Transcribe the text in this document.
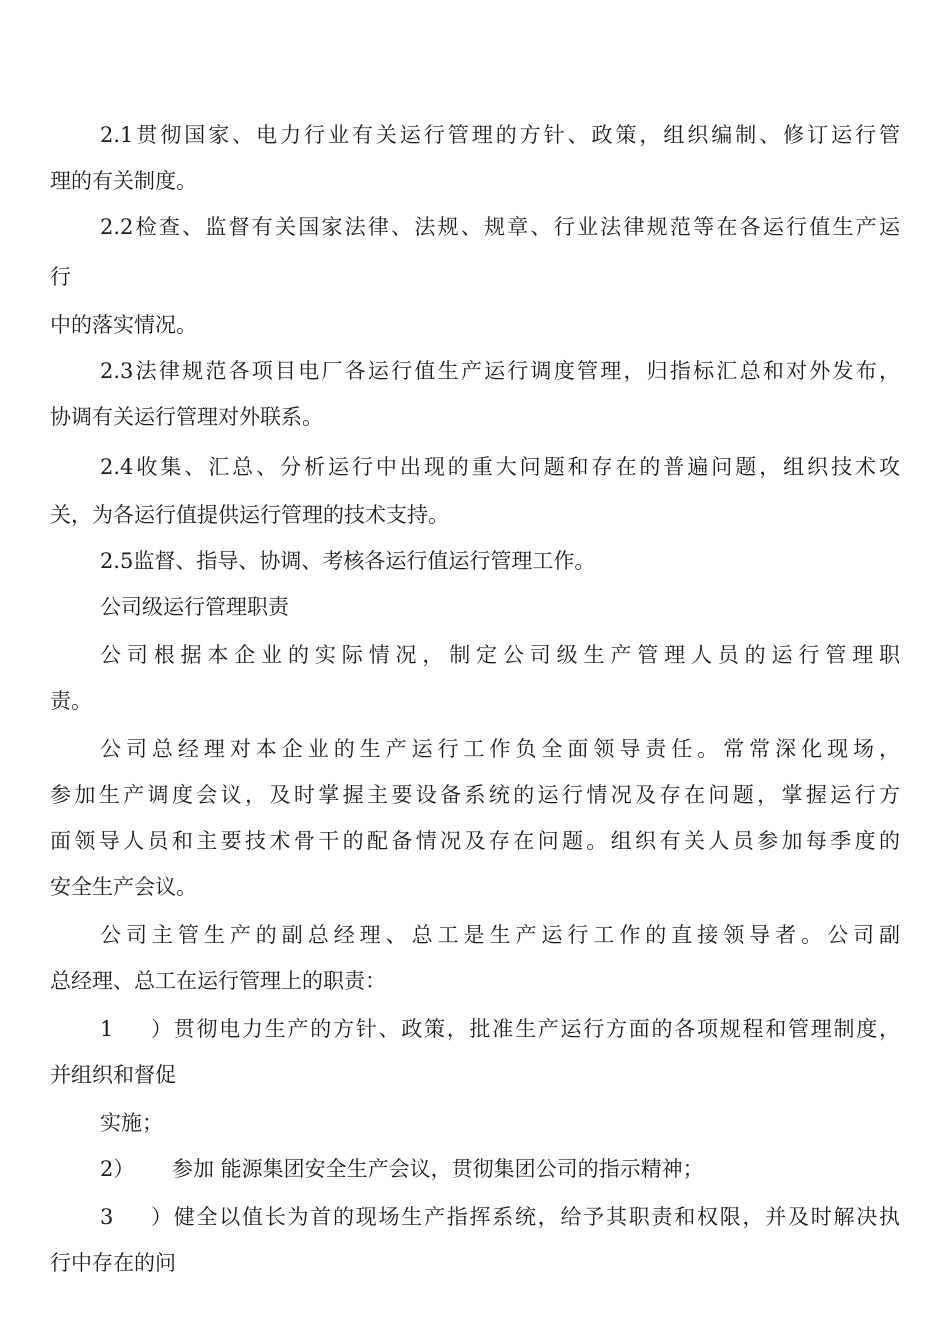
2.1贯彻国家、电力行业有关运行管理的方针、政策，组织编制、修订运行管
理的有关制度。
2.2检查、监督有关国家法律、法规、规章、行业法律规范等在各运行值生产运
行
中的落实情况。
2.3法律规范各项目电厂各运行值生产运行调度管理，归指标汇总和对外发布，
协调有关运行管理对外联系。
2.4收集、汇总、分析运行中出现的重大问题和存在的普遍问题，组织技术攻
关，为各运行值提供运行管理的技术支持。
2.5监督、指导、协调、考核各运行值运行管理工作。
公司级运行管理职责
公司根据本企业的实际情况，制定公司级生产管理人员的运行管理职
责。
公司总经理对本企业的生产运行工作负全面领导责任。常常深化现场，
参加生产调度会议，及时掌握主要设备系统的运行情况及存在问题，掌握运行方
面领导人员和主要技术骨干的配备情况及存在问题。组织有关人员参加每季度的
安全生产会议。
公司主管生产的副总经理、总工是生产运行工作的直接领导者。公司副
总经理、总工在运行管理上的职责：
1）贯彻电力生产的方针、政策，批准生产运行方面的各项规程和管理制度，
并组织和督促
实施；
2） 参加 能源集团安全生产会议，贯彻集团公司的指示精神；
3）健全以值长为首的现场生产指挥系统，给予其职责和权限，并及时解决执
行中存在的问
